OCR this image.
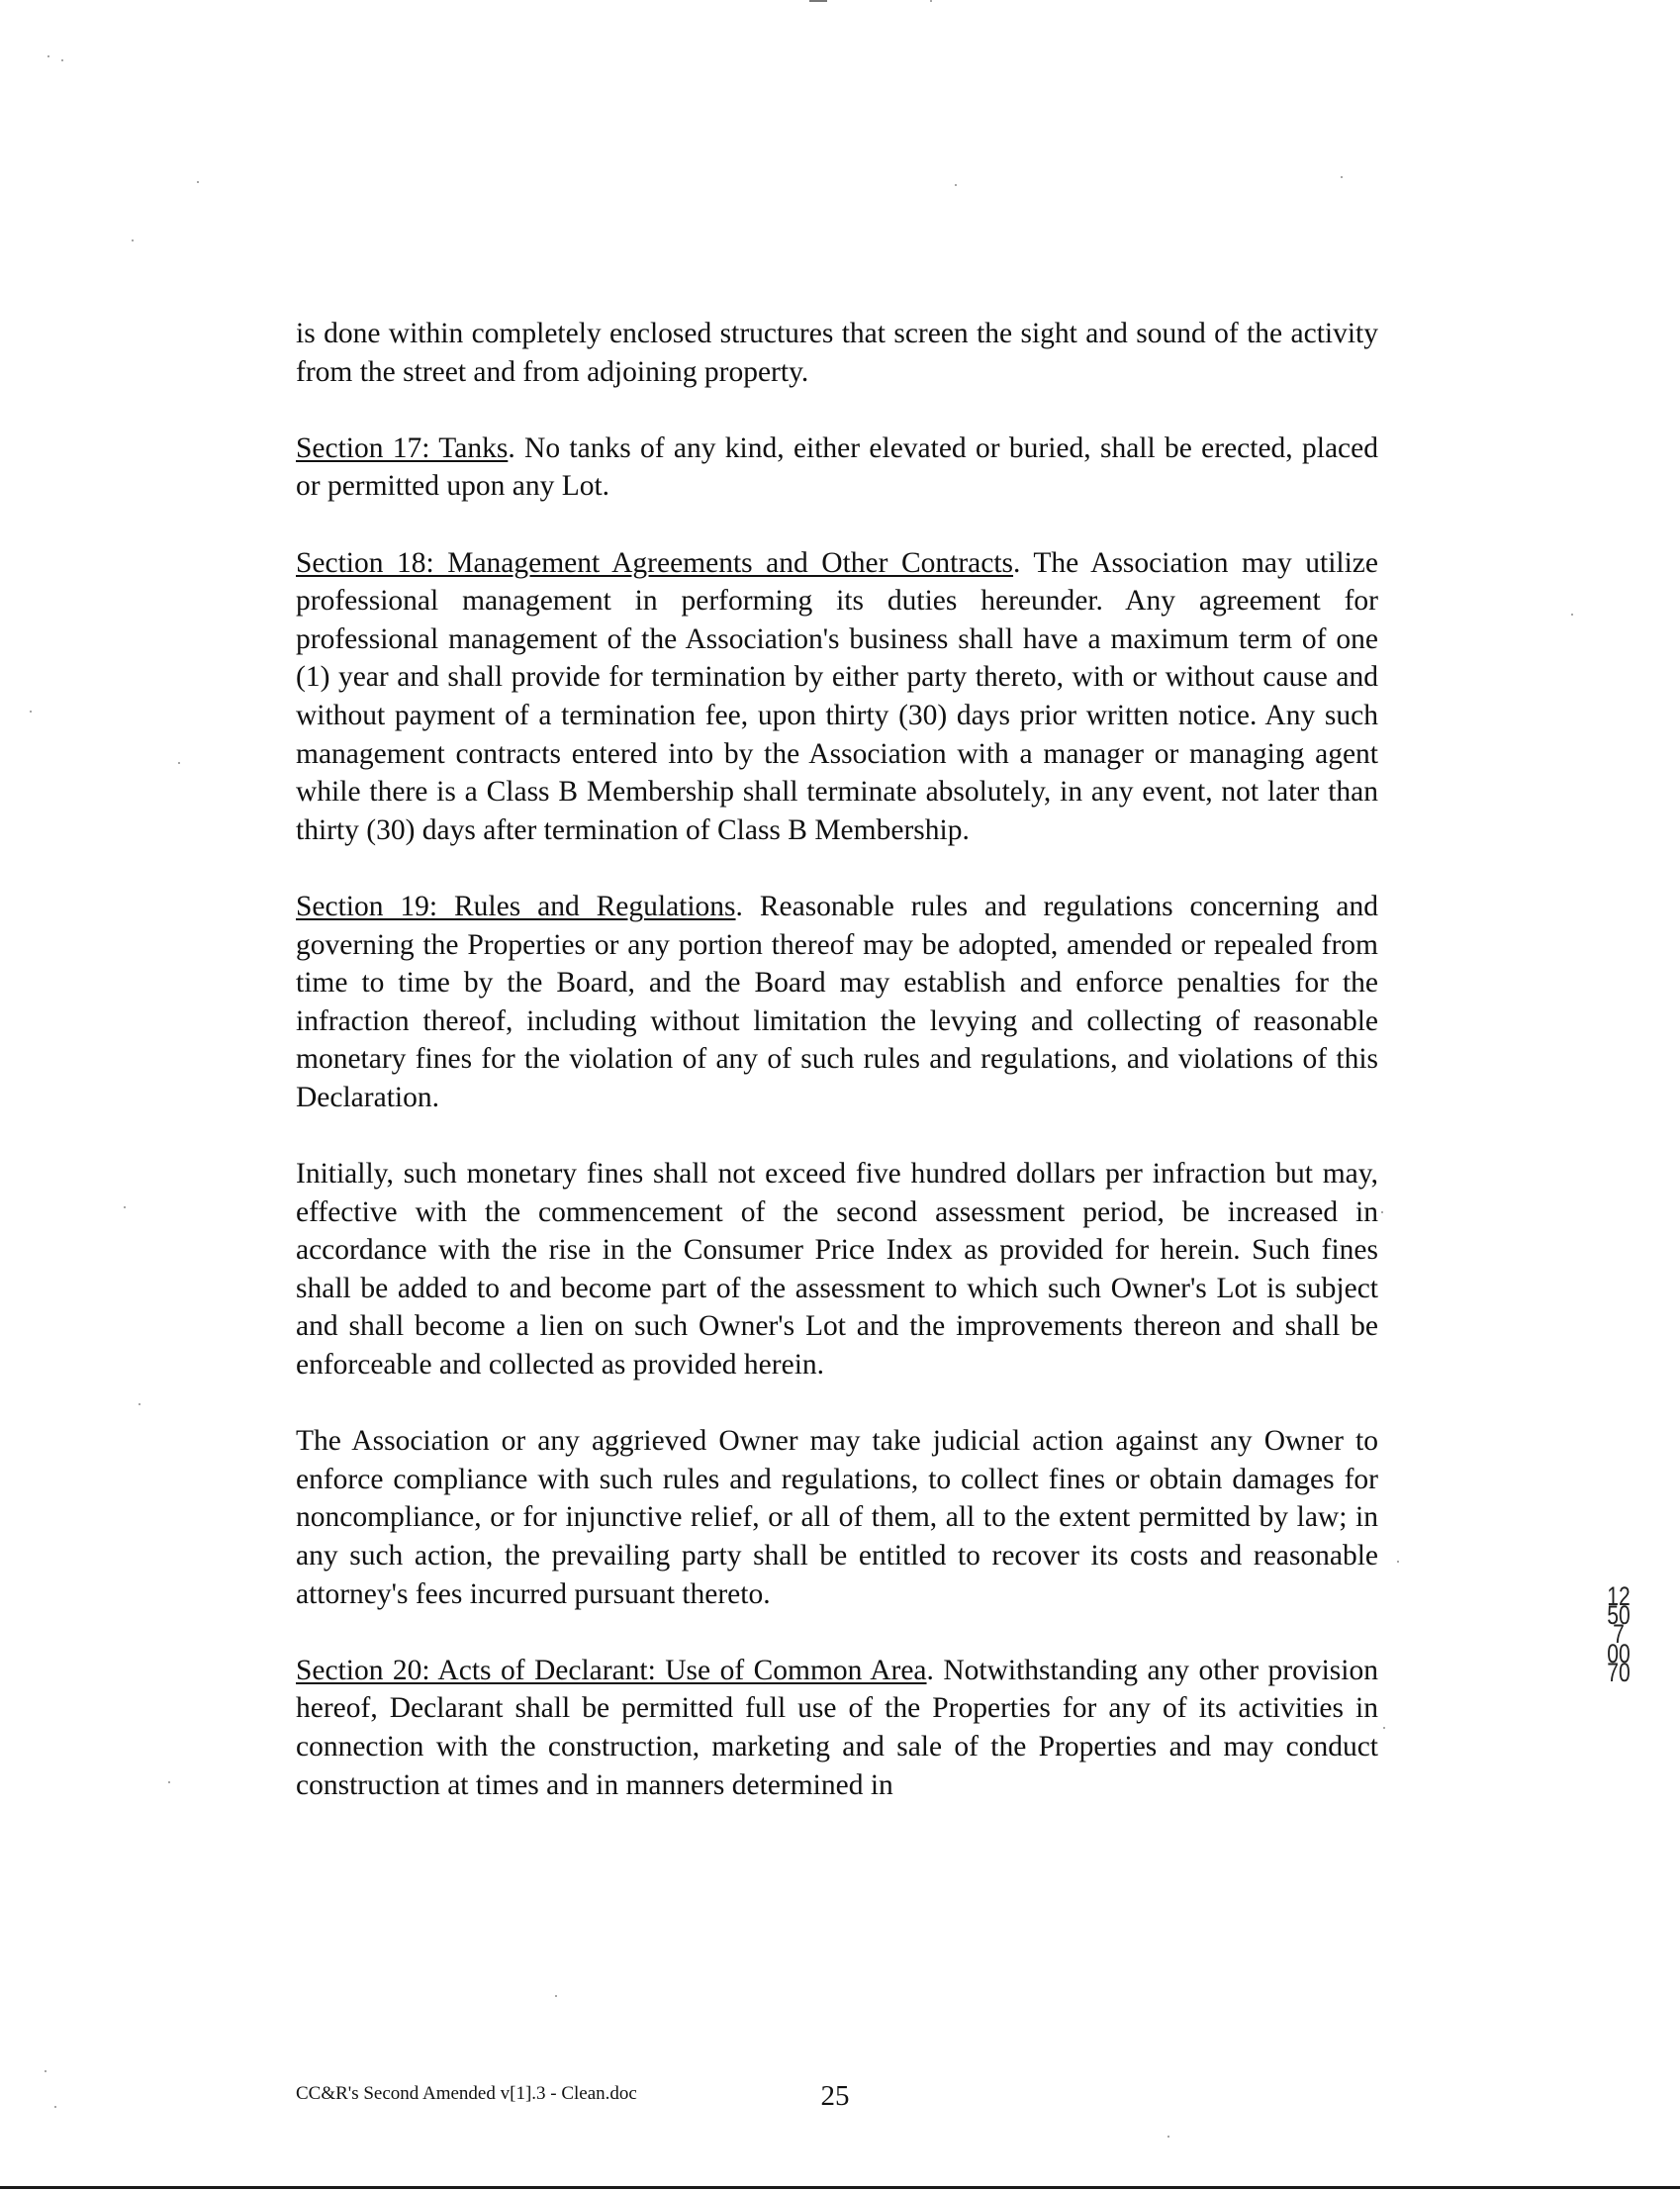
is done within completely enclosed structures that screen the sight and sound of the activity from the street and from adjoining property.

Section 17: Tanks. No tanks of any kind, either elevated or buried, shall be erected, placed or permitted upon any Lot.

Section 18: Management Agreements and Other Contracts. The Association may utilize professional management in performing its duties hereunder. Any agreement for professional management of the Association's business shall have a maximum term of one (1) year and shall provide for termination by either party thereto, with or without cause and without payment of a termination fee, upon thirty (30) days prior written notice. Any such management contracts entered into by the Association with a manager or managing agent while there is a Class B Membership shall terminate absolutely, in any event, not later than thirty (30) days after termination of Class B Membership.

Section 19: Rules and Regulations. Reasonable rules and regulations concerning and governing the Properties or any portion thereof may be adopted, amended or repealed from time to time by the Board, and the Board may establish and enforce penalties for the infraction thereof, including without limitation the levying and collecting of reasonable monetary fines for the violation of any of such rules and regulations, and violations of this Declaration.

Initially, such monetary fines shall not exceed five hundred dollars per infraction but may, effective with the commencement of the second assessment period, be increased in accordance with the rise in the Consumer Price Index as provided for herein. Such fines shall be added to and become part of the assessment to which such Owner's Lot is subject and shall become a lien on such Owner's Lot and the improvements thereon and shall be enforceable and collected as provided herein.

The Association or any aggrieved Owner may take judicial action against any Owner to enforce compliance with such rules and regulations, to collect fines or obtain damages for noncompliance, or for injunctive relief, or all of them, all to the extent permitted by law; in any such action, the prevailing party shall be entitled to recover its costs and reasonable attorney's fees incurred pursuant thereto.

Section 20: Acts of Declarant: Use of Common Area. Notwithstanding any other provision hereof, Declarant shall be permitted full use of the Properties for any of its activities in connection with the construction, marketing and sale of the Properties and may conduct construction at times and in manners determined in

CC&R's Second Amended v[1].3 - Clean.doc	25
12507 0070
